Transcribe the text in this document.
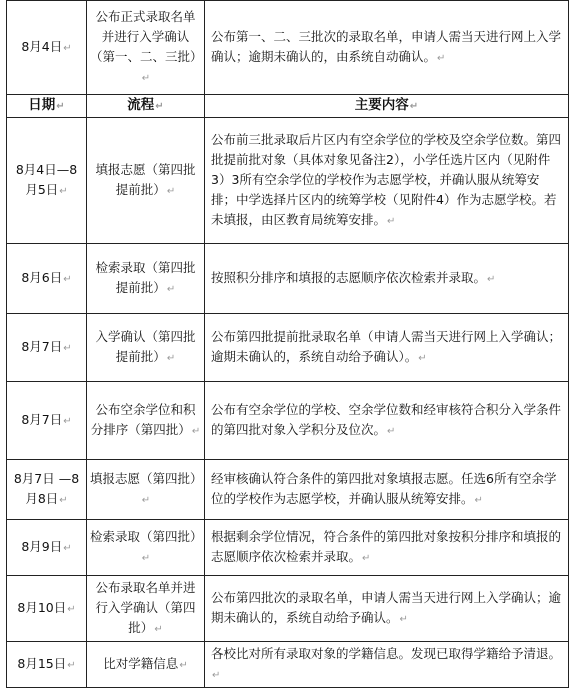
8月4日↵	公布正式录取名单并进行入学确认（第一、二、三批）↵	公布第一、二、三批次的录取名单，申请人需当天进行网上入学确认；逾期未确认的，由系统自动确认。↵
日期↵	流程↵	主要内容↵
8月4日—8月5日↵	填报志愿（第四批提前批）↵	公布前三批录取后片区内有空余学位的学校及空余学位数。第四批提前批对象（具体对象见备注2），小学任选片区内（见附件3）3所有空余学位的学校作为志愿学校，并确认服从统筹安排；中学选择片区内的统筹学校（见附件4）作为志愿学校。若未填报，由区教育局统筹安排。↵
8月6日↵	检索录取（第四批提前批）↵	按照积分排序和填报的志愿顺序依次检索并录取。↵
8月7日↵	入学确认（第四批提前批）↵	公布第四批提前批录取名单（申请人需当天进行网上入学确认；逾期未确认的，系统自动给予确认）。↵
8月7日↵	公布空余学位和积分排序（第四批）↵	公布有空余学位的学校、空余学位数和经审核符合积分入学条件的第四批对象入学积分及位次。↵
8月7日 —8月8日↵	填报志愿（第四批）↵	经审核确认符合条件的第四批对象填报志愿。任选6所有空余学位的学校作为志愿学校，并确认服从统筹安排。↵
8月9日↵	检索录取（第四批）↵	根据剩余学位情况，符合条件的第四批对象按积分排序和填报的志愿顺序依次检索并录取。↵
8月10日↵	公布录取名单并进行入学确认（第四批）↵	公布第四批次的录取名单，申请人需当天进行网上入学确认；逾期未确认的，系统自动给予确认。↵
8月15日↵	比对学籍信息↵	各校比对所有录取对象的学籍信息。发现已取得学籍给予清退。↵
